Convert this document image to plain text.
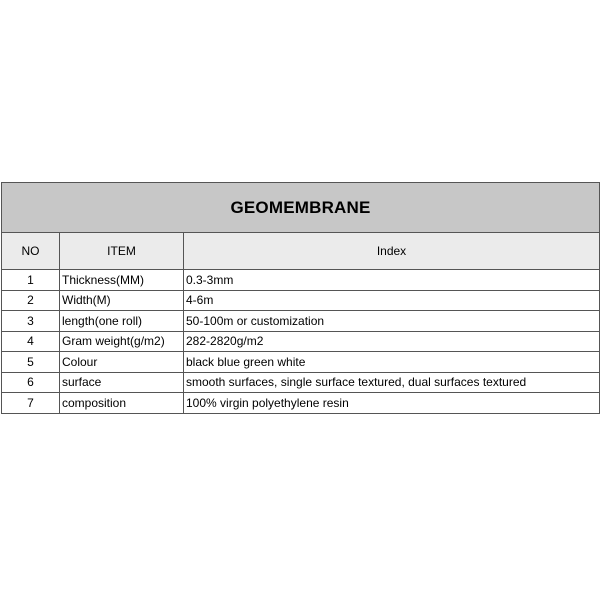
GEOMEMBRANE		
NO	ITEM	Index
1	Thickness(MM)	0.3-3mm
2	Width(M)	4-6m
3	length(one roll)	50-100m or customization
4	Gram weight(g/m2)	282-2820g/m2
5	Colour	black blue green white
6	surface	smooth surfaces, single surface textured, dual surfaces textured
7	composition	100% virgin polyethylene resin
